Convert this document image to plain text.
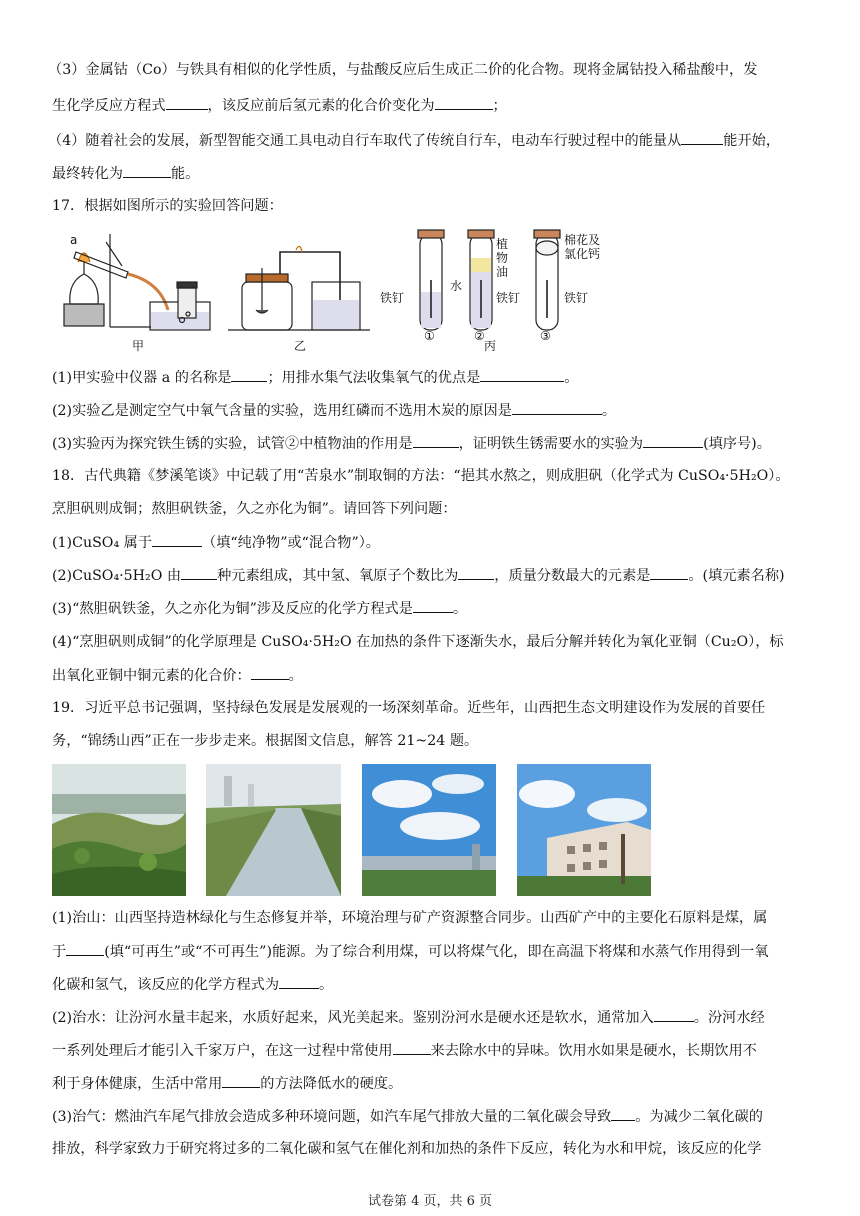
（3）金属钴（Co）与铁具有相似的化学性质，与盐酸反应后生成正二价的化合物。现将金属钴投入稀盐酸中，发
生化学反应方程式	，该反应前后氢元素的化合价变化为	；
（4）随着社会的发展，新型智能交通工具电动自行车取代了传统自行车，电动车行驶过程中的能量从	能开始，
最终转化为	能。
17．根据如图所示的实验回答问题：
a
甲	乙	丙
铁钉
水
植
物
油
铁钉
棉花及
氯化钙
铁钉
①	②	③
(1)甲实验中仪器 a 的名称是	；用排水集气法收集氧气的优点是	。
(2)实验乙是测定空气中氧气含量的实验，选用红磷而不选用木炭的原因是	。
(3)实验丙为探究铁生锈的实验，试管②中植物油的作用是	，证明铁生锈需要水的实验为	(填序号)。
18．古代典籍《梦溪笔谈》中记载了用“苦泉水”制取铜的方法：“挹其水熬之，则成胆矾（化学式为 CuSO₄·5H₂O）。
烹胆矾则成铜；熬胆矾铁釜，久之亦化为铜”。请回答下列问题：
(1)CuSO₄ 属于	（填“纯净物”或“混合物”）。
(2)CuSO₄·5H₂O 由	种元素组成，其中氢、氧原子个数比为	，质量分数最大的元素是	。(填元素名称)
(3)“熬胆矾铁釜，久之亦化为铜”涉及反应的化学方程式是	。
(4)“烹胆矾则成铜”的化学原理是 CuSO₄·5H₂O 在加热的条件下逐渐失水，最后分解并转化为氧化亚铜（Cu₂O），标
出氧化亚铜中铜元素的化合价：	。
19．习近平总书记强调，坚持绿色发展是发展观的一场深刻革命。近些年，山西把生态文明建设作为发展的首要任
务，“锦绣山西”正在一步步走来。根据图文信息，解答 21~24 题。
(1)治山：山西坚持造林绿化与生态修复并举，环境治理与矿产资源整合同步。山西矿产中的主要化石原料是煤，属
于	(填“可再生”或“不可再生”)能源。为了综合利用煤，可以将煤气化，即在高温下将煤和水蒸气作用得到一氧
化碳和氢气，该反应的化学方程式为	。
(2)治水：让汾河水量丰起来，水质好起来，风光美起来。鉴别汾河水是硬水还是软水，通常加入	。汾河水经
一系列处理后才能引入千家万户，在这一过程中常使用	来去除水中的异味。饮用水如果是硬水，长期饮用不
利于身体健康，生活中常用	的方法降低水的硬度。
(3)治气：燃油汽车尾气排放会造成多种环境问题，如汽车尾气排放大量的二氧化碳会导致 。为减少二氧化碳的
排放，科学家致力于研究将过多的二氧化碳和氢气在催化剂和加热的条件下反应，转化为水和甲烷，该反应的化学
试卷第 4 页，共 6 页
